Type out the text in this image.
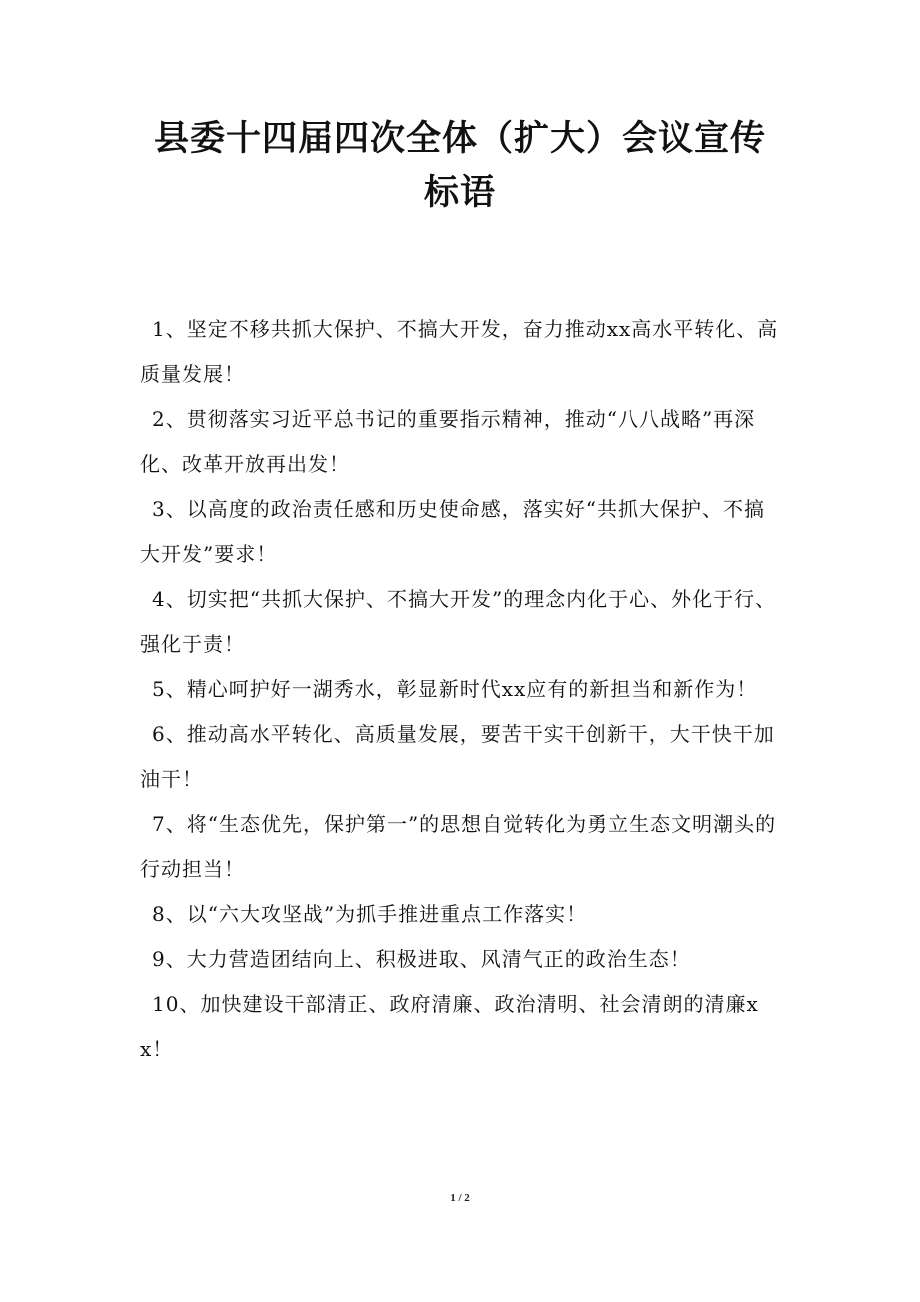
县委十四届四次全体（扩大）会议宣传标语

1、坚定不移共抓大保护、不搞大开发，奋力推动xx高水平转化、高质量发展！

2、贯彻落实习近平总书记的重要指示精神，推动“八八战略”再深化、改革开放再出发！

3、以高度的政治责任感和历史使命感，落实好“共抓大保护、不搞大开发”要求！

4、切实把“共抓大保护、不搞大开发”的理念内化于心、外化于行、强化于责！

5、精心呵护好一湖秀水，彰显新时代xx应有的新担当和新作为！

6、推动高水平转化、高质量发展，要苦干实干创新干，大干快干加油干！

7、将“生态优先，保护第一”的思想自觉转化为勇立生态文明潮头的行动担当！

8、以“六大攻坚战”为抓手推进重点工作落实！

9、大力营造团结向上、积极进取、风清气正的政治生态！

10、加快建设干部清正、政府清廉、政治清明、社会清朗的清廉xx！

1 / 2
